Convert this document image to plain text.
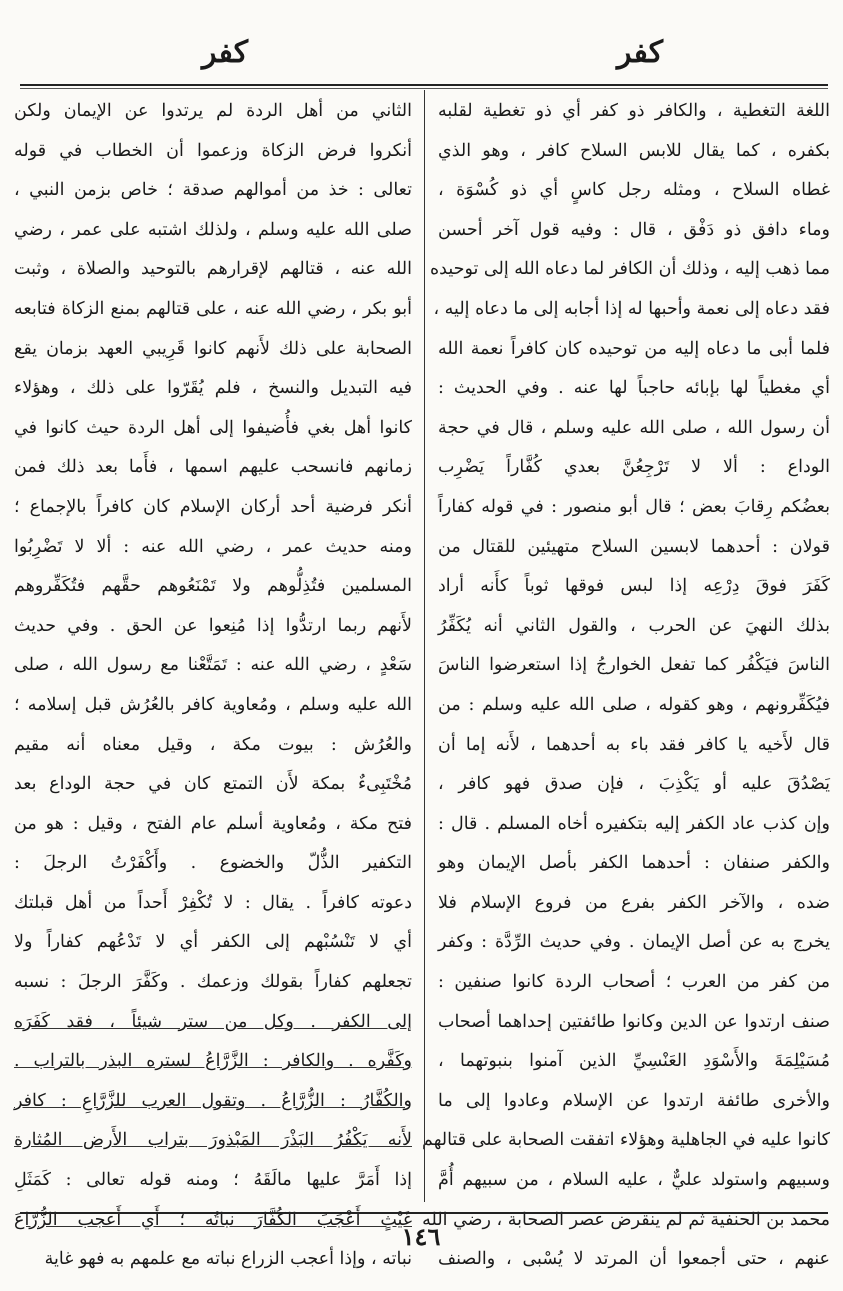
كفر
كفر
اللغة التغطية ، والكافر ذو كفر أي ذو تغطية لقلبه
بكفره ، كما يقال للابس السلاح كافر ، وهو الذي
غطاه السلاح ، ومثله رجل كاسٍ أي ذو كُسْوَة ،
وماء دافق ذو دَفْق ، قال : وفيه قول آخر أحسن
مما ذهب إليه ، وذلك أن الكافر لما دعاه الله إلى توحيده
فقد دعاه إلى نعمة وأحبها له إذا أجابه إلى ما دعاه إليه ،
فلما أبى ما دعاه إليه من توحيده كان كافراً نعمة الله
أي مغطياً لها بإبائه حاجباً لها عنه . وفي الحديث :
أن رسول الله ، صلى الله عليه وسلم ، قال في حجة
الوداع : ألا لا تَرْجِعُنَّ بعدي كُفَّاراً يَضْرِب
بعضُكم رِقابَ بعض ؛ قال أبو منصور : في قوله كفاراً
قولان : أحدهما لابسين السلاح متهيئين للقتال من
كَفَرَ فوقَ دِرْعِه إذا لبس فوقها ثوباً كأَنه أراد
بذلك النهيَ عن الحرب ، والقول الثاني أنه يُكَفِّرُ
الناسَ فيَكْفُر كما تفعل الخوارجُ إذا استعرضوا الناسَ
فيُكَفِّرونهم ، وهو كقوله ، صلى الله عليه وسلم : من
قال لأَخيه يا كافر فقد باء به أحدهما ، لأَنه إما أن
يَصْدُقَ عليه أو يَكْذِبَ ، فإن صدق فهو كافر ،
وإن كذب عاد الكفر إليه بتكفيره أخاه المسلم . قال :
والكفر صنفان : أحدهما الكفر بأصل الإيمان وهو
ضده ، والآخر الكفر بفرع من فروع الإسلام فلا
يخرج به عن أصل الإيمان . وفي حديث الرِّدَّة : وكفر
من كفر من العرب ؛ أصحاب الردة كانوا صنفين :
صنف ارتدوا عن الدين وكانوا طائفتين إحداهما أصحاب
مُسَيْلِمَةَ والأَسْوَدِ العَنْسِيِّ الذين آمنوا بنبوتهما ،
والأخرى طائفة ارتدوا عن الإسلام وعادوا إلى ما
كانوا عليه في الجاهلية وهؤلاء اتفقت الصحابة على قتالهم
وسبيهم واستولد عليٌّ ، عليه السلام ، من سبيهم أُمَّ
محمد بن الحنفية ثم لم ينقرض عصر الصحابة ، رضي الله
عنهم ، حتى أجمعوا أن المرتد لا يُسْبى ، والصنف
الثاني من أهل الردة لم يرتدوا عن الإيمان ولكن
أنكروا فرض الزكاة وزعموا أن الخطاب في قوله
تعالى : خذ من أموالهم صدقة ؛ خاص بزمن النبي ،
صلى الله عليه وسلم ، ولذلك اشتبه على عمر ، رضي
الله عنه ، قتالهم لإقرارهم بالتوحيد والصلاة ، وثبت
أبو بكر ، رضي الله عنه ، على قتالهم بمنع الزكاة فتابعه
الصحابة على ذلك لأَنهم كانوا قَرِيبي العهد بزمان يقع
فيه التبديل والنسخ ، فلم يُقَرّوا على ذلك ، وهؤلاء
كانوا أهل بغي فأُضيفوا إلى أهل الردة حيث كانوا في
زمانهم فانسحب عليهم اسمها ، فأَما بعد ذلك فمن
أنكر فرضية أحد أركان الإسلام كان كافراً بالإجماع ؛
ومنه حديث عمر ، رضي الله عنه : ألا لا تَضْرِبُوا
المسلمين فتُذِلُّوهم ولا تَمْنَعُوهم حقَّهم فتُكَفِّروهم
لأَنهم ربما ارتدُّوا إذا مُنِعوا عن الحق . وفي حديث
سَعْدٍ ، رضي الله عنه : تَمَتَّعْنا مع رسول الله ، صلى
الله عليه وسلم ، ومُعاوية كافر بالعُرُش قبل إسلامه ؛
والعُرُش : بيوت مكة ، وقيل معناه أنه مقيم
مُخْتَبِىءٌ بمكة لأَن التمتع كان في حجة الوداع بعد
فتح مكة ، ومُعاوية أسلم عام الفتح ، وقيل : هو من
التكفير الذُّلّ والخضوع . وأَكْفَرْتُ الرجلَ :
دعوته كافراً . يقال : لا تُكْفِرْ أَحداً من أهل قبلتك
أي لا تَنْسُبْهم إلى الكفر أي لا تَدْعُهم كفاراً ولا
تجعلهم كفاراً بقولك وزعمك . وكَفَّرَ الرجلَ : نسبه
إلى الكفر . وكل من ستر شيئاً ، فقد كَفَرَه
وكَفَّره . والكافر : الزَّرَّاعُ لستره البذر بالتراب .
والكُفَّارُ : الزُّرَّاعُ . وتقول العرب للزَّرَّاعِ : كافر
لأَنه يَكْفُرُ البَذْرَ المَبْذورَ بتراب الأَرض المُثارة
إذا أَمَرَّ عليها مالَقَهُ ؛ ومنه قوله تعالى : كَمَثَلِ
غَيْثٍ أَعْجَبَ الكُفَّارَ نباتُه ؛ أَي أَعجب الزُّرَّاعَ
نباته ، وإذا أعجب الزراع نباته مع علمهم به فهو غاية
١٤٦
